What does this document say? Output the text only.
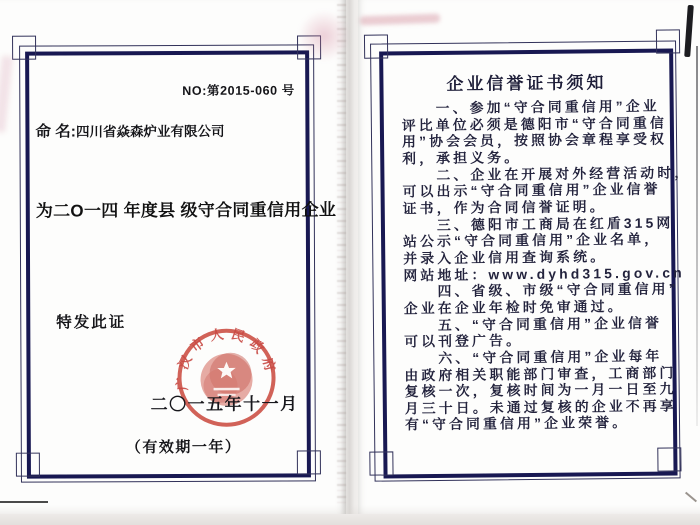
NO:第2015-060 号
命 名:四川省焱森炉业有限公司
为二O一四 年度县 级守合同重信用企业
特发此证
二〇一五年十一月
（有效期一年）
广汉市人民政府
企业信誉证书须知
一、参加“守合同重信用”企业
评比单位必须是德阳市“守合同重信
用”协会会员，按照协会章程享受权
利，承担义务。
二、企业在开展对外经营活动时，
可以出示“守合同重信用”企业信誉
证书，作为合同信誉证明。
三、德阳市工商局在红盾315网
站公示“守合同重信用”企业名单，
并录入企业信用查询系统。
网站地址：www.dyhd315.gov.cn
四、省级、市级“守合同重信用”
企业在企业年检时免审通过。
五、“守合同重信用”企业信誉
可以刊登广告。
六、“守合同重信用”企业每年
由政府相关职能部门审查，工商部门
复核一次，复核时间为一月一日至九
月三十日。未通过复核的企业不再享
有“守合同重信用”企业荣誉。
